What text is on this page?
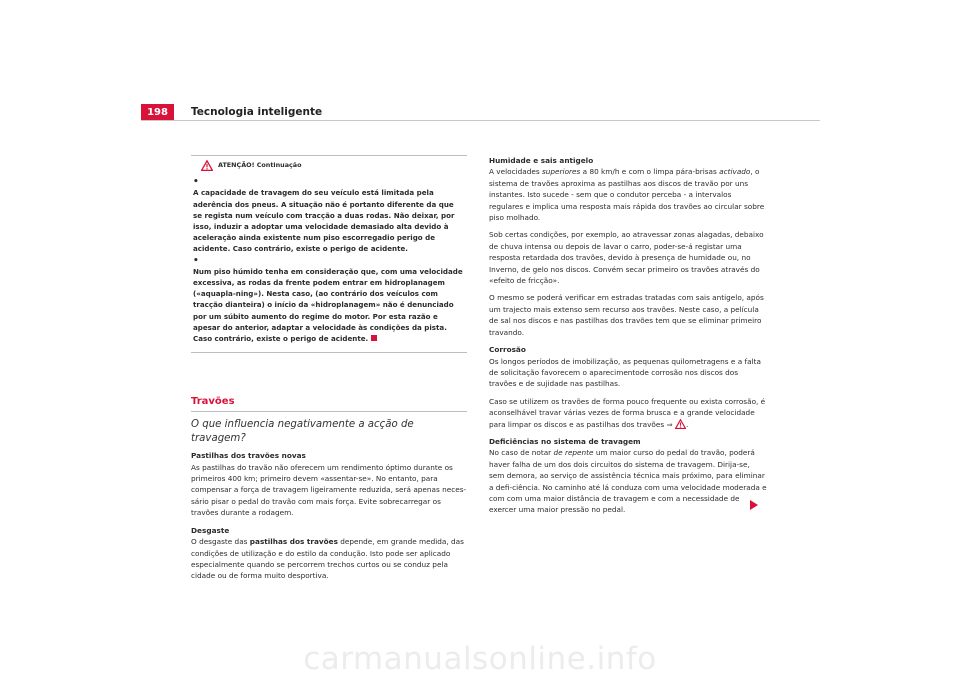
198	Tecnologia inteligente
ATENÇÃO! Continuação

•
A capacidade de travagem do seu veículo está limitada pela aderência dos pneus. A situação não é portanto diferente da que se regista num veículo com tracção a duas rodas. Não deixar, por isso, induzir a adoptar uma velocidade demasiado alta devido à aceleração ainda existente num piso escorregadio perigo de acidente. Caso contrário, existe o perigo de acidente.

•
Num piso húmido tenha em consideração que, com uma velocidade excessiva, as rodas da frente podem entrar em hidroplanagem («aquapla-ning»). Nesta caso, (ao contrário dos veículos com tracção dianteira) o início da «hidroplanagem» não é denunciado por um súbito aumento do regime do motor. Por esta razão e apesar do anterior, adaptar a velocidade às condições da pista. Caso contrário, existe o perigo de acidente.

Travões
O que influencia negativamente a acção de travagem?
Pastilhas dos travões novas

As pastilhas do travão não oferecem um rendimento óptimo durante os primeiros 400 km; primeiro devem «assentar-se». No entanto, para compensar a força de travagem ligeiramente reduzida, será apenas neces-sário pisar o pedal do travão com mais força. Evite sobrecarregar os travões durante a rodagem.

Desgaste

O desgaste das pastilhas dos travões depende, em grande medida, das condições de utilização e do estilo da condução. Isto pode ser aplicado especialmente quando se percorrem trechos curtos ou se conduz pela cidade ou de forma muito desportiva.

Humidade e sais antigelo

A velocidades superiores a 80 km/h e com o limpa pára-brisas activado, o sistema de travões aproxima as pastilhas aos discos de travão por uns instantes. Isto sucede - sem que o condutor perceba - a intervalos regulares e implica uma resposta mais rápida dos travões ao circular sobre piso molhado.

Sob certas condições, por exemplo, ao atravessar zonas alagadas, debaixo de chuva intensa ou depois de lavar o carro, poder-se-á registar uma resposta retardada dos travões, devido à presença de humidade ou, no Inverno, de gelo nos discos. Convém secar primeiro os travões através do «efeito de fricção».

O mesmo se poderá verificar em estradas tratadas com sais antigelo, após um trajecto mais extenso sem recurso aos travões. Neste caso, a película de sal nos discos e nas pastilhas dos travões tem que se eliminar primeiro travando.

Corrosão

Os longos períodos de imobilização, as pequenas quilometragens e a falta de solicitação favorecem o aparecimentode corrosão nos discos dos travões e de sujidade nas pastilhas.

Caso se utilizem os travões de forma pouco frequente ou exista corrosão, é aconselhável travar várias vezes de forma brusca e a grande velocidade para limpar os discos e as pastilhas dos travões ⇒ .

Deficiências no sistema de travagem

No caso de notar de repente um maior curso do pedal do travão, poderá haver falha de um dos dois circuitos do sistema de travagem. Dirija-se, sem demora, ao serviço de assistência técnica mais próximo, para eliminar a defi-ciência. No caminho até lá conduza com uma velocidade moderada e com com uma maior distância de travagem e com a necessidade de exercer uma maior pressão no pedal.

carmanualsonline.info
